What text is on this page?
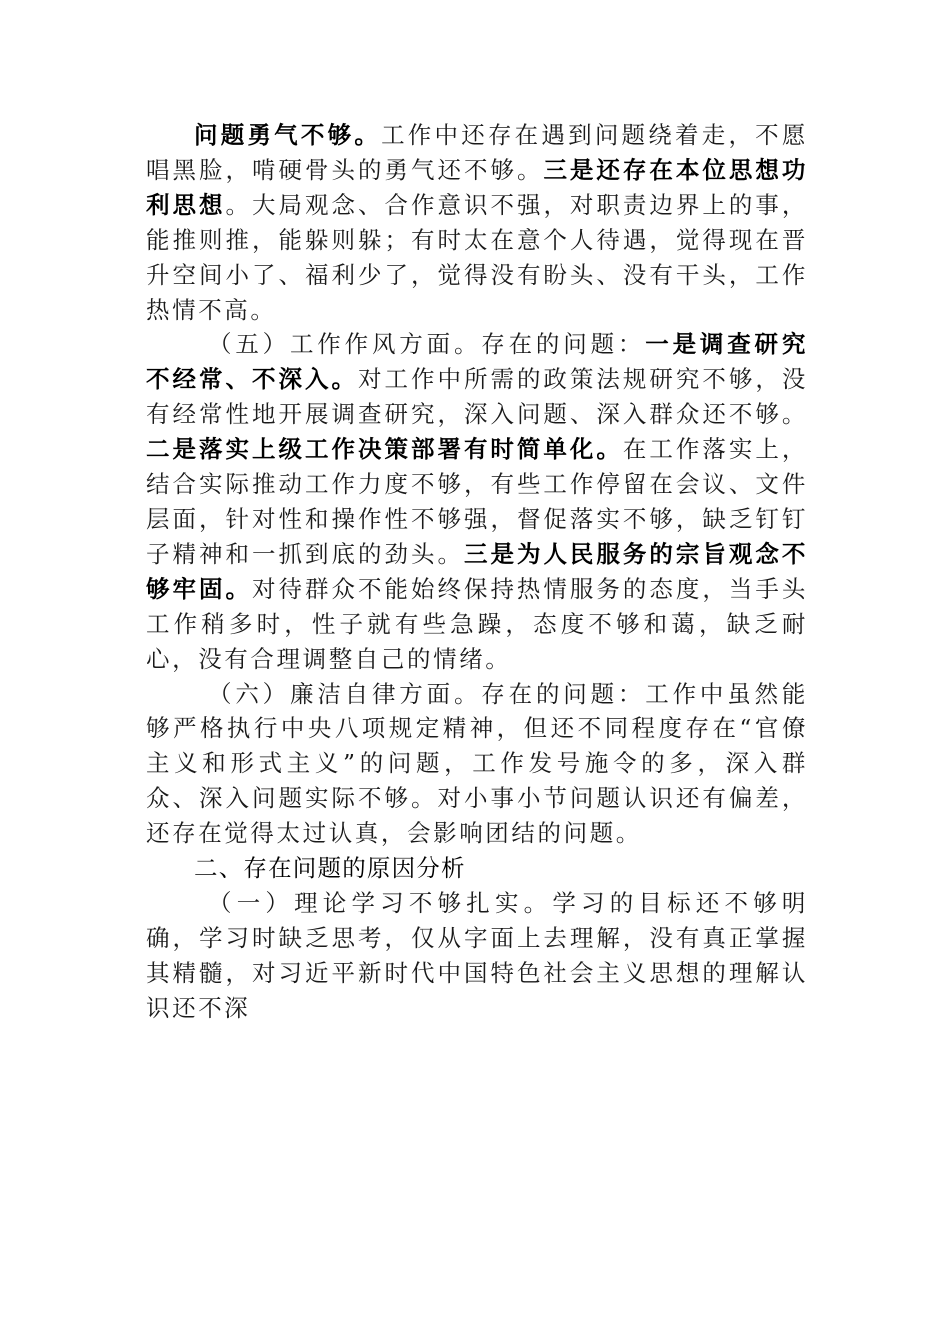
问题勇气不够。工作中还存在遇到问题绕着走，不愿唱黑脸，啃硬骨头的勇气还不够。三是还存在本位思想功利思想。大局观念、合作意识不强，对职责边界上的事，能推则推，能躲则躲；有时太在意个人待遇，觉得现在晋升空间小了、福利少了，觉得没有盼头、没有干头，工作热情不高。

（五）工作作风方面。存在的问题：一是调查研究不经常、不深入。对工作中所需的政策法规研究不够，没有经常性地开展调查研究，深入问题、深入群众还不够。二是落实上级工作决策部署有时简单化。在工作落实上，结合实际推动工作力度不够，有些工作停留在会议、文件层面，针对性和操作性不够强，督促落实不够，缺乏钉钉子精神和一抓到底的劲头。三是为人民服务的宗旨观念不够牢固。对待群众不能始终保持热情服务的态度，当手头工作稍多时，性子就有些急躁，态度不够和蔼，缺乏耐心，没有合理调整自己的情绪。

（六）廉洁自律方面。存在的问题：工作中虽然能够严格执行中央八项规定精神，但还不同程度存在“官僚主义和形式主义”的问题，工作发号施令的多，深入群众、深入问题实际不够。对小事小节问题认识还有偏差，还存在觉得太过认真，会影响团结的问题。

二、存在问题的原因分析

（一）理论学习不够扎实。学习的目标还不够明确，学习时缺乏思考，仅从字面上去理解，没有真正掌握其精髓，对习近平新时代中国特色社会主义思想的理解认识还不深
